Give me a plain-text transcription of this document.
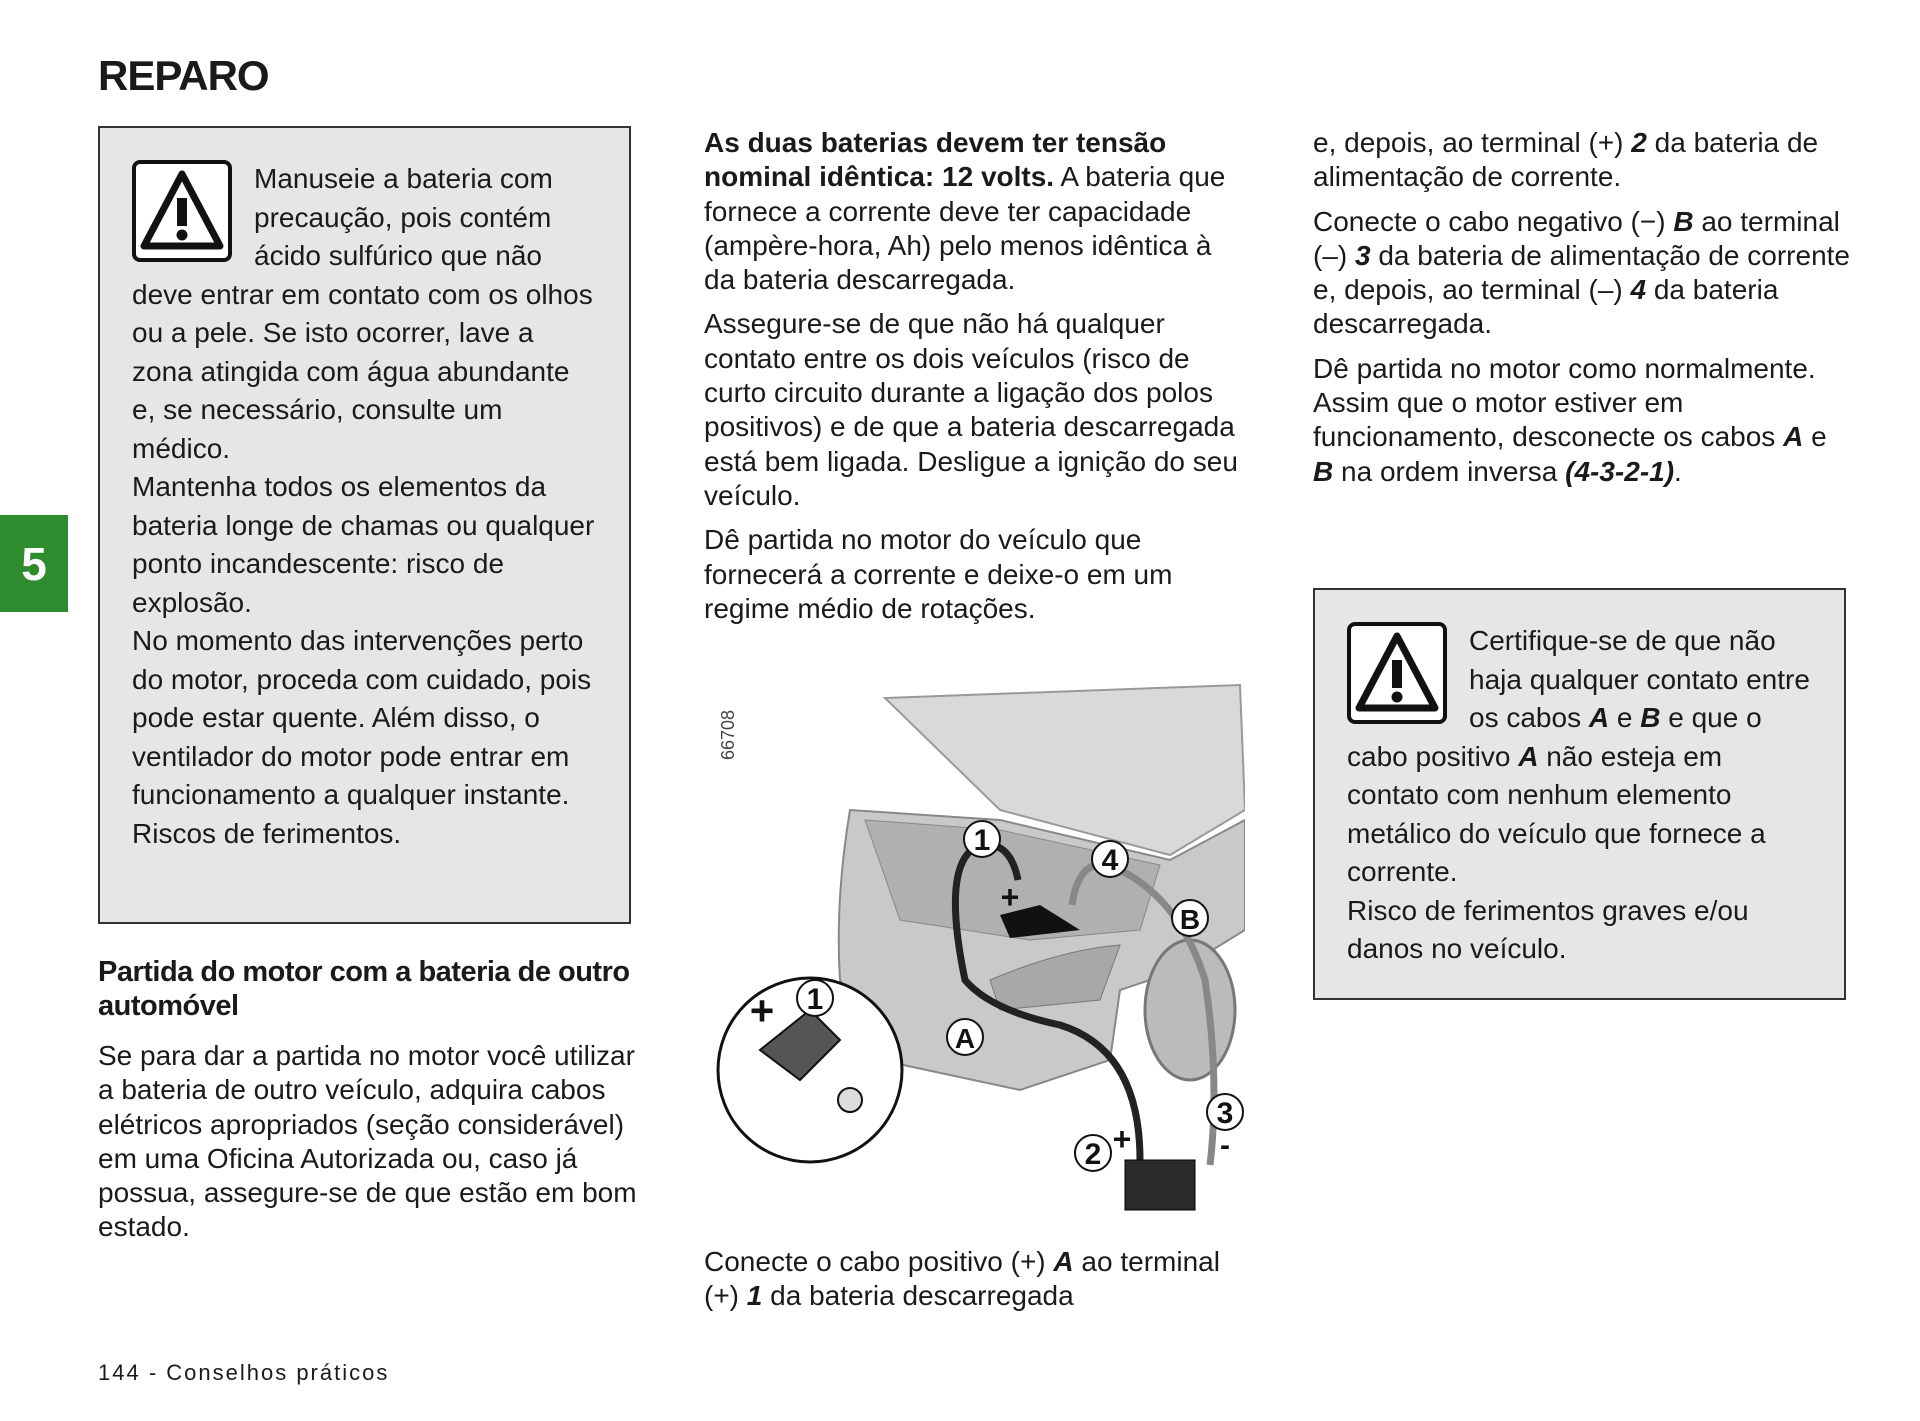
REPARO
5
Manuseie a bateria com precaução, pois contém ácido sulfúrico que não deve entrar em contato com os olhos ou a pele. Se isto ocorrer, lave a zona atingida com água abundante e, se necessário, consulte um médico.
Mantenha todos os elementos da bateria longe de chamas ou qualquer ponto incandescente: risco de explosão.
No momento das intervenções perto do motor, proceda com cuidado, pois pode estar quente. Além disso, o ventilador do motor pode entrar em funcionamento a qualquer instante.
Riscos de ferimentos.
Partida do motor com a bateria de outro automóvel

Se para dar a partida no motor você utilizar a bateria de outro veículo, adquira cabos elétricos apropriados (seção considerável) em uma Oficina Autorizada ou, caso já possua, assegure-se de que estão em bom estado.

As duas baterias devem ter tensão nominal idêntica: 12 volts. A bateria que fornece a corrente deve ter capacidade (ampère-hora, Ah) pelo menos idêntica à da bateria descarregada.

Assegure-se de que não há qualquer contato entre os dois veículos (risco de curto circuito durante a ligação dos polos positivos) e de que a bateria descarregada está bem ligada. Desligue a ignição do seu veículo.

Dê partida no motor do veículo que fornecerá a corrente e deixe-o em um regime médio de rotações.

66708
+ 1
1
4
+
B
A
2 +
3
-

Conecte o cabo positivo (+) A ao terminal (+) 1 da bateria descarregada

e, depois, ao terminal (+) 2 da bateria de alimentação de corrente.

Conecte o cabo negativo (−) B ao terminal (–) 3 da bateria de alimentação de corrente e, depois, ao terminal (–) 4 da bateria descarregada.

Dê partida no motor como normalmente. Assim que o motor estiver em funcionamento, desconecte os cabos A e B na ordem inversa (4-3-2-1).

Certifique-se de que não haja qualquer contato entre os cabos A e B e que o cabo positivo A não esteja em contato com nenhum elemento metálico do veículo que fornece a corrente.
Risco de ferimentos graves e/ou danos no veículo.
144 - Conselhos práticos
